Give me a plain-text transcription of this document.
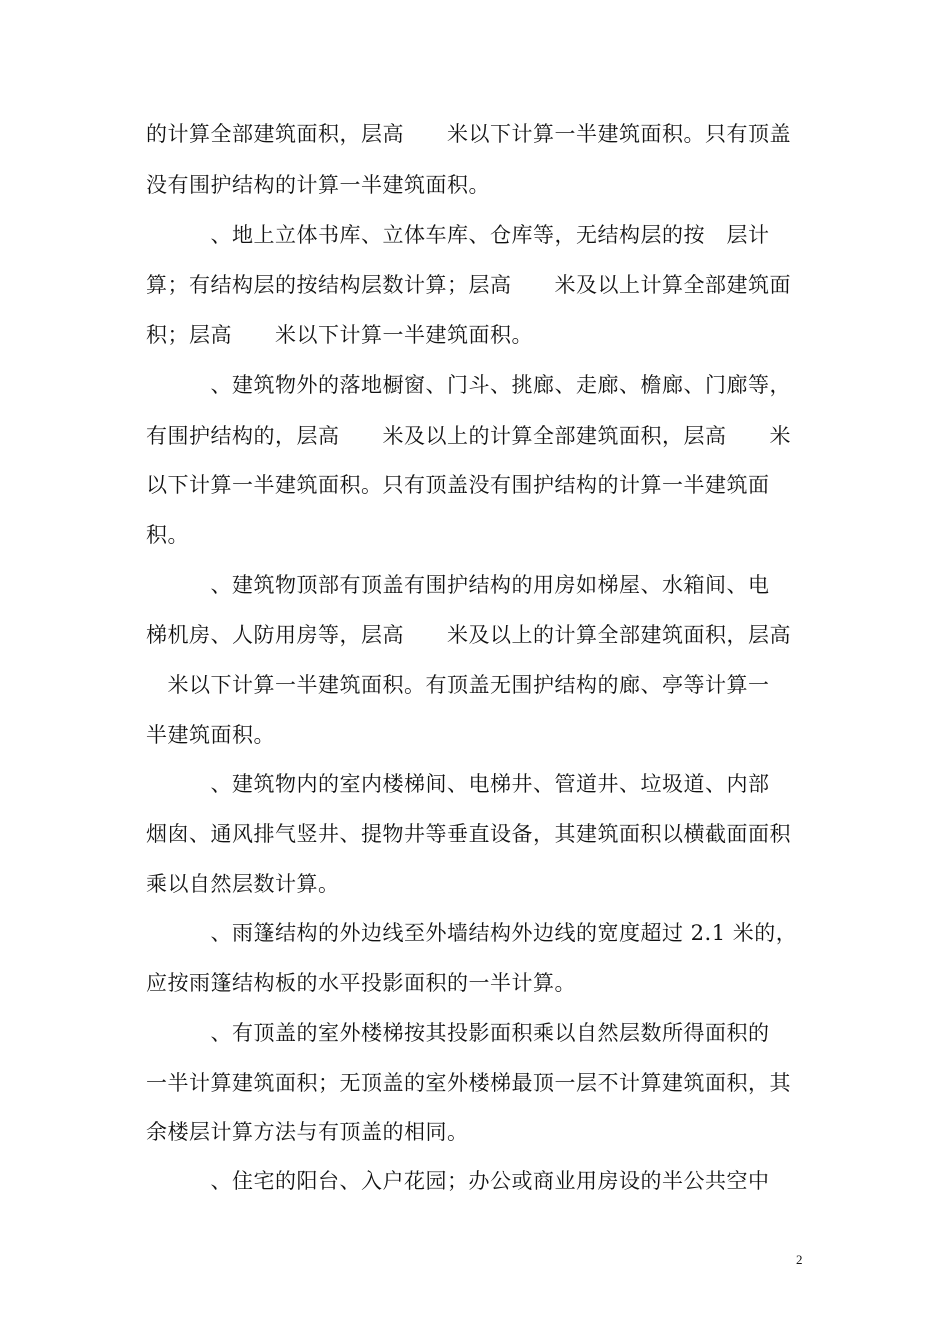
的计算全部建筑面积，层高　　米以下计算一半建筑面积。只有顶盖
没有围护结构的计算一半建筑面积。
　　　、地上立体书库、立体车库、仓库等，无结构层的按　层计
算；有结构层的按结构层数计算；层高　　米及以上计算全部建筑面
积；层高　　米以下计算一半建筑面积。
　　　、建筑物外的落地橱窗、门斗、挑廊、走廊、檐廊、门廊等，
有围护结构的，层高　　米及以上的计算全部建筑面积，层高　　米
以下计算一半建筑面积。只有顶盖没有围护结构的计算一半建筑面
积。
　　　、建筑物顶部有顶盖有围护结构的用房如梯屋、水箱间、电
梯机房、人防用房等，层高　　米及以上的计算全部建筑面积，层高
　米以下计算一半建筑面积。有顶盖无围护结构的廊、亭等计算一
半建筑面积。
　　　、建筑物内的室内楼梯间、电梯井、管道井、垃圾道、内部
烟囱、通风排气竖井、提物井等垂直设备，其建筑面积以横截面面积
乘以自然层数计算。
　　　、雨篷结构的外边线至外墙结构外边线的宽度超过 2.1 米的，
应按雨篷结构板的水平投影面积的一半计算。
　　　、有顶盖的室外楼梯按其投影面积乘以自然层数所得面积的
一半计算建筑面积；无顶盖的室外楼梯最顶一层不计算建筑面积，其
余楼层计算方法与有顶盖的相同。
　　　、住宅的阳台、入户花园；办公或商业用房设的半公共空中
2
